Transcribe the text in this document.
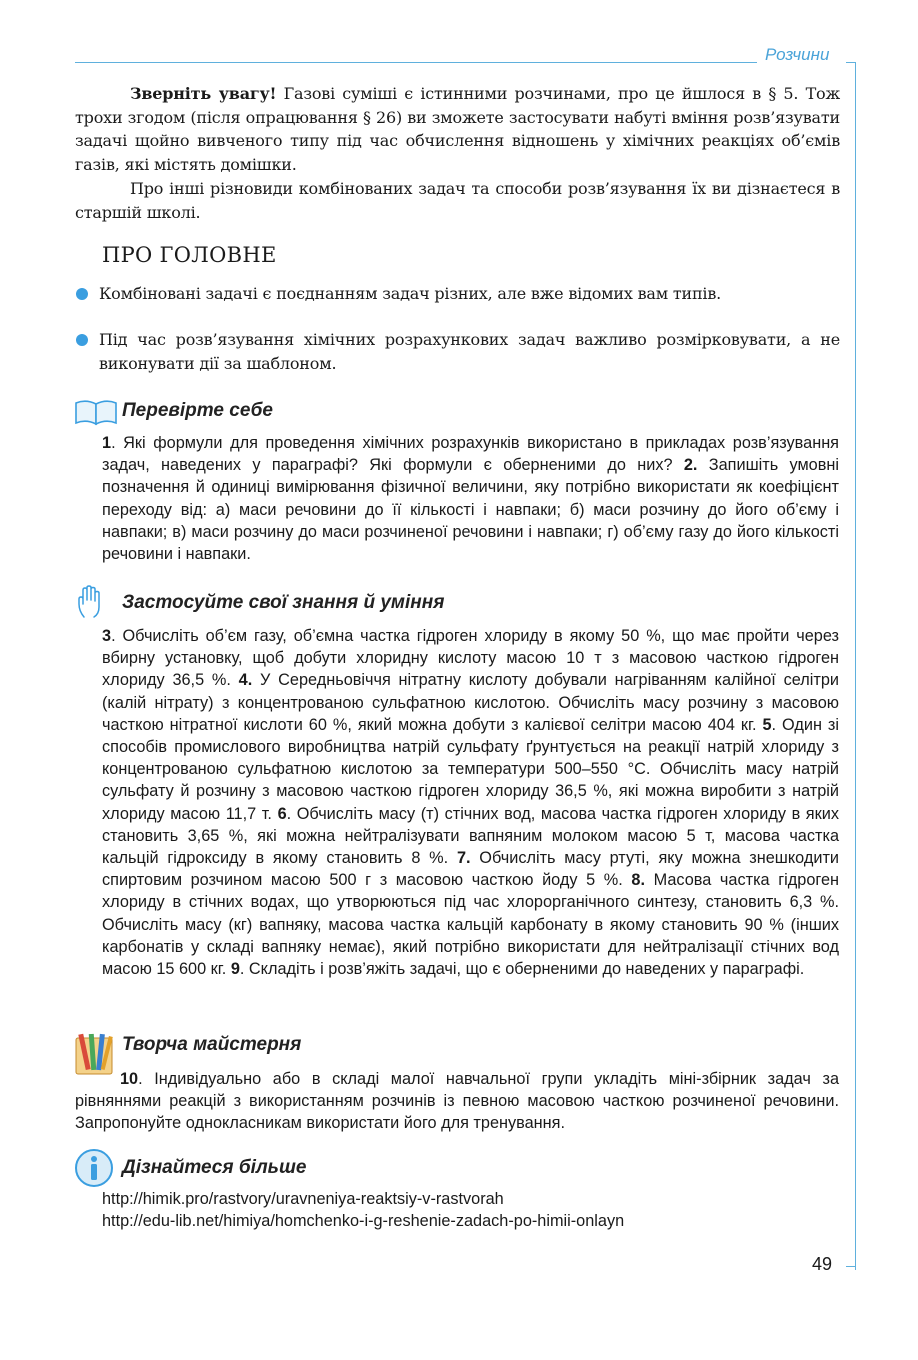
Розчини
Зверніть увагу! Газові суміші є істинними розчинами, про це йшлося в § 5. Тож трохи згодом (після опрацювання § 26) ви зможете застосувати набуті вміння розв’язувати задачі щойно вивченого типу під час обчислення відношень у хімічних реакціях об’ємів газів, які містять домішки.
Про інші різновиди комбінованих задач та способи розв’язування їх ви дізнаєтеся в старшій школі.
ПРО ГОЛОВНЕ
Комбіновані задачі є поєднанням задач різних, але вже відомих вам типів.
Під час розв’язування хімічних розрахункових задач важливо розмірковувати, а не виконувати дії за шаблоном.
Перевірте себе
1. Які формули для проведення хімічних розрахунків використано в прикладах розв’язування задач, наведених у параграфі? Які формули є оберненими до них? 2. Запишіть умовні позначення й одиниці вимірювання фізичної величини, яку потрібно використати як коефіцієнт переходу від: а) маси речовини до її кількості і навпаки; б) маси розчину до його об’єму і навпаки; в) маси розчину до маси розчиненої речовини і навпаки; г) об’єму газу до його кількості речовини і навпаки.
Застосуйте свої знання й уміння
3. Обчисліть об’єм газу, об’ємна частка гідроген хлориду в якому 50 %, що має пройти через вбирну установку, щоб добути хлоридну кислоту масою 10 т з масовою часткою гідроген хлориду 36,5 %. 4. У Середньовіччя нітратну кислоту добували нагріванням калійної селітри (калій нітрату) з концентрованою сульфатною кислотою. Обчисліть масу розчину з масовою часткою нітратної кислоти 60 %, який можна добути з калієвої селітри масою 404 кг. 5. Один зі способів промислового виробництва натрій сульфату ґрунтується на реакції натрій хлориду з концентрованою сульфатною кислотою за температури 500–550 °C. Обчисліть масу натрій сульфату й розчину з масовою часткою гідроген хлориду 36,5 %, які можна виробити з натрій хлориду масою 11,7 т. 6. Обчисліть масу (т) стічних вод, масова частка гідроген хлориду в яких становить 3,65 %, які можна нейтралізувати вапняним молоком масою 5 т, масова частка кальцій гідроксиду в якому становить 8 %. 7. Обчисліть масу ртуті, яку можна знешкодити спиртовим розчином масою 500 г з масовою часткою йоду 5 %. 8. Масова частка гідроген хлориду в стічних водах, що утворюються під час хлорорганічного синтезу, становить 6,3 %. Обчисліть масу (кг) вапняку, масова частка кальцій карбонату в якому становить 90 % (інших карбонатів у складі вапняку немає), який потрібно використати для нейтралізації стічних вод масою 15 600 кг. 9. Складіть і розв’яжіть задачі, що є оберненими до наведених у параграфі.
Творча майстерня
10. Індивідуально або в складі малої навчальної групи укладіть міні-збірник задач за рівняннями реакцій з використанням розчинів із певною масовою часткою розчиненої речовини. Запропонуйте однокласникам використати його для тренування.
Дізнайтеся більше
http://himik.pro/rastvory/uravneniya-reaktsiy-v-rastvorah
http://edu-lib.net/himiya/homchenko-i-g-reshenie-zadach-po-himii-onlayn
49
